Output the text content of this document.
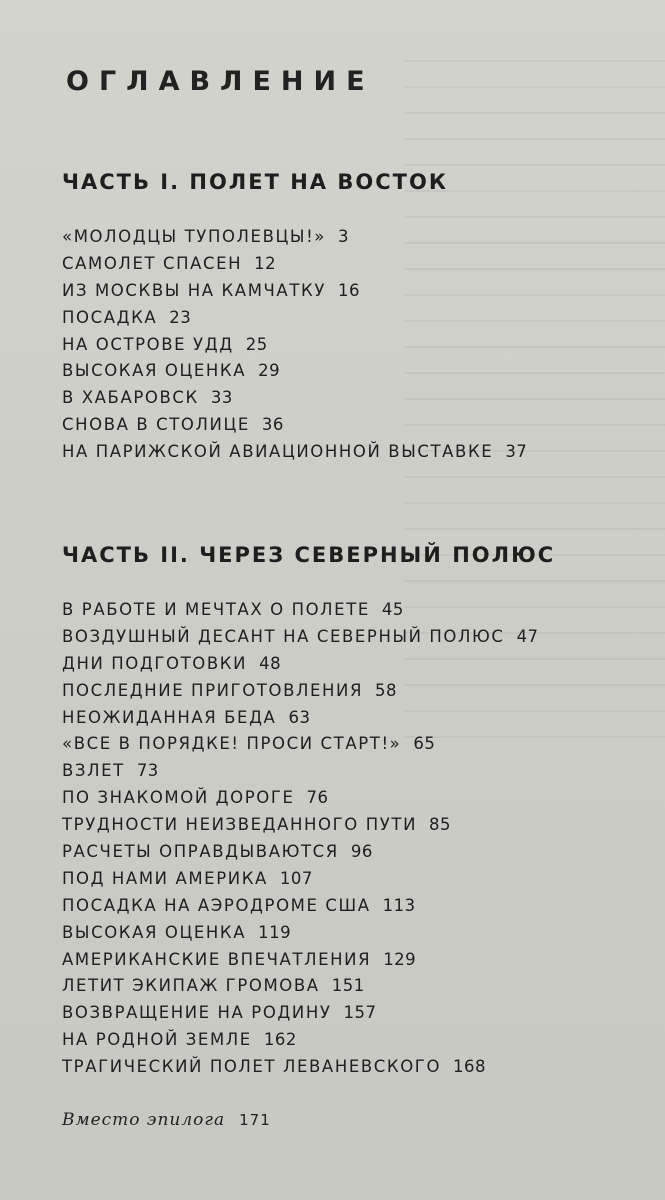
ОГЛАВЛЕНИЕ
ЧАСТЬ I. ПОЛЕТ НА ВОСТОК
«МОЛОДЦЫ ТУПОЛЕВЦЫ!» 3
САМОЛЕТ СПАСЕН 12
ИЗ МОСКВЫ НА КАМЧАТКУ 16
ПОСАДКА 23
НА ОСТРОВЕ УДД 25
ВЫСОКАЯ ОЦЕНКА 29
В ХАБАРОВСК 33
СНОВА В СТОЛИЦЕ 36
НА ПАРИЖСКОЙ АВИАЦИОННОЙ ВЫСТАВКЕ 37
ЧАСТЬ II. ЧЕРЕЗ СЕВЕРНЫЙ ПОЛЮС
В РАБОТЕ И МЕЧТАХ О ПОЛЕТЕ 45
ВОЗДУШНЫЙ ДЕСАНТ НА СЕВЕРНЫЙ ПОЛЮС 47
ДНИ ПОДГОТОВКИ 48
ПОСЛЕДНИЕ ПРИГОТОВЛЕНИЯ 58
НЕОЖИДАННАЯ БЕДА 63
«ВСЕ В ПОРЯДКЕ! ПРОСИ СТАРТ!» 65
ВЗЛЕТ 73
ПО ЗНАКОМОЙ ДОРОГЕ 76
ТРУДНОСТИ НЕИЗВЕДАННОГО ПУТИ 85
РАСЧЕТЫ ОПРАВДЫВАЮТСЯ 96
ПОД НАМИ АМЕРИКА 107
ПОСАДКА НА АЭРОДРОМЕ США 113
ВЫСОКАЯ ОЦЕНКА 119
АМЕРИКАНСКИЕ ВПЕЧАТЛЕНИЯ 129
ЛЕТИТ ЭКИПАЖ ГРОМОВА 151
ВОЗВРАЩЕНИЕ НА РОДИНУ 157
НА РОДНОЙ ЗЕМЛЕ 162
ТРАГИЧЕСКИЙ ПОЛЕТ ЛЕВАНЕВСКОГО 168
Вместо эпилога 171
